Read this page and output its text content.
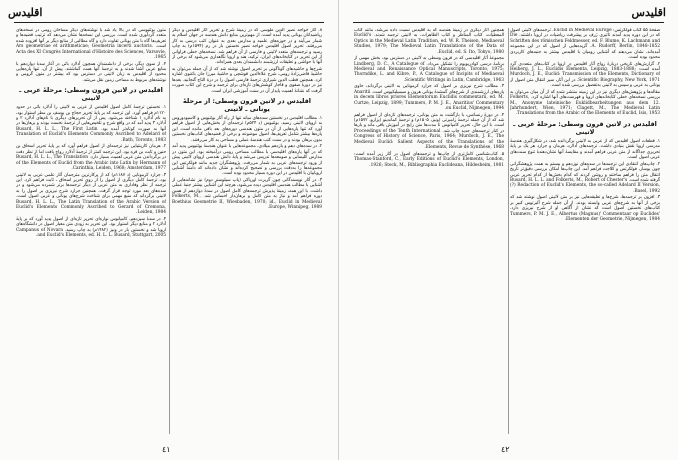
اقليدس

۸. آثار خواجه نصیر الدین طوسی که در زمینهٔ شرح و تحریر آثار اقلیدس و دیگر ریاضیدانان یونانی پدید آمده است، از مهم‌ترین منابع دانش هندسه در جهان اسلام به شمار می‌آیند و در حوزه‌های علمیه و مدارس بعدی به عنوان کتب درسی به کار می‌رفتند. تحریر اصول اقلیدس خواجه نصیر نخستین بار در رم (۱۵۹۴م) به چاپ رسید و ترجمه‌های متعدد لاتینی و فارسی از آن فراهم شد. نسخه‌های خطی فراوانی از این تحریر در کتابخانه‌های ایران، ترکیه، هند و اروپا نگاهداری می‌شود که برخی از آنها با حواشی و تعلیقات ارزشمند دانشمندان بعدی همراه‌اند.

شرح‌ها و حاشیه‌های گوناگونی بر تحریر اصول نوشته شد که از آن جمله می‌توان به حاشیهٔ قاضی‌زادهٔ رومی، شرح علاءالدین قوشچی و حاشیهٔ میرزا جان باغنوی اشاره کرد. همچنین قطب الدین شیرازی ترجمهٔ فارسی اصول را در درة التاج گنجانید. بعدها نیز در دورهٔ صفوی و قاجار کوشش‌های تازه‌ای برای ترجمه و شرح این کتاب صورت گرفت که نشانهٔ اهمیت پایدار آن در سنت آموزشی ایران است.

اقلیدس در لاتین قرون وسطی: از مرحلهٔ یونانی ـ لاتینی

۱. مطالب اقلیدس در نخستین سده‌های میانه تنها از راه آثار بوئتیوس و کاسیودوروس به اروپای لاتینی رسید. بوئتیوس (د ۵۲۴م) ترجمه‌ای از بخش‌هایی از اصول فراهم آورد که تنها پاره‌هایی از آن در متون هندسی دوره‌های بعد باقی مانده است. این پاره‌ها بیشتر شامل تعریف‌ها، اصول موضوعه و برخی از قضیه‌های کتاب‌های نخستین بدون برهان بودند و در سنت کتب هندسهٔ عملی و مساحی به کار می‌رفتند.

۲. در سده‌های دهم و یازدهم میلادی، مجموعه‌هایی با عنوان هندسهٔ بوئتیوس پدید آمد که در آنها پاره‌های اقلیدسی با مطالب مساحی رومی درآمیخته بود. این متون در مدارس کلیسایی و صومعه‌ها تدریس می‌شد و پایهٔ دانش هندسی اروپای لاتینی پیش از ورود ترجمه‌های عربی به شمار می‌رفت. پژوهشگران جدید مانند فولکرتس این مجموعه‌ها را به‌دقت بررسی و تصحیح کرده‌اند و نشان داده‌اند که دامنهٔ آشنایی اروپاییان با اقلیدس در این دوره بسیار محدود بوده است.

۳. در آثار نویسندگانی چون گربرت اوریاکی (پاپ سیلوستر دوم) نیز نشانه‌هایی از آشنایی با مطالب هندسی اقلیدس دیده می‌شود، هرچند این آشنایی بیشتر جنبهٔ عملی داشت. با این همه، زمینهٔ پذیرش ترجمه‌های کامل اصول در سدهٔ دوازدهم از همین دوره فراهم آمد و نیاز به متن کامل و برهان‌دار احساس شد. Folkerts, M., Boethius Geometrie II, Wiesbaden, 1970; id., Euclid in Medieval Europe, Winnipeg, 1989.

متون بوئتیوسی که در بالا یاد شد با نوشته‌های دیگر مساحان رومی در نسخه‌های متعدد گردآوری شده است. بررسی این نسخه‌ها نشان می‌دهد که ترتیب قضیه‌ها و تعریف‌ها گاه با متن یونانی تفاوت دارد و گاه مطالبی از منابع دیگر بر آنها افزوده شده است. Ars geometriae et arithmeticae; Geometria incerti auctoris. Acta des XI Congrès International d'Histoire des Sciences, Varsovie, 1965.

۴. از سوی دیگر، برخی از دانشمندان همچون آدلارد باثی در آغاز سدهٔ دوازدهم با منابع عربی آشنا شدند و به ترجمهٔ آنها همت گماشتند. پیش از آن، تنها پاره‌هایی محدود از اقلیدس به زبان لاتینی در دسترس بود که بیشتر در متون گرومی و نوشته‌های مربوط به مساحی زمین نقل می‌شد.

اقلیدس در لاتین قرون وسطی: مرحلهٔ عربی ـ لاتینی

۱. نخستین ترجمهٔ کامل اصول اقلیدس از عربی به لاتینی را آدلارد باثی در حدود ۱۱۲۰م فراهم آورد. این ترجمه که بر پایهٔ تحریر حجاج بن یوسف بن مطر استوار بود، به نام آدلارد ۱ شناخته می‌شود. پس از آن تحریرهای دیگری با نام‌های آدلارد ۲ و آدلارد ۳ پدید آمد که در واقع شرح و تلخیص‌هایی از ترجمهٔ نخست بودند و برهان‌ها در آنها به صورت کوتاه‌تر آمده بود. Busard, H. L. L., The First Latin Translation of Euclid's Elements Commonly Ascribed to Adelard of Bath, Toronto, 1983.

۲. هرمان کارینتیایی نیز ترجمه‌ای از اصول فراهم آورد که بر پایهٔ تحریر اسحاق بن حنین و ثابت بن قره بود. این ترجمه کمتر از ترجمهٔ آدلارد رواج یافت اما از نظر دقت در برگرداندن متن عربی اهمیت بسیار دارد. Busard, H. L. L., The Translation of the Elements of Euclid from the Arabic into Latin by Hermann of Carinthia, Leiden, 1968; Amsterdam, 1977.

۳. جرارد کرمونایی (د ۱۱۸۷م) که از پرکارترین مترجمان آثار علمی عربی به لاتینی بود، ترجمهٔ کامل دیگری از اصول را از روی تحریر اسحاق ـ ثابت فراهم کرد. این ترجمه از نظر وفاداری به متن عربی از دیگر ترجمه‌ها برتر شمرده می‌شود و در سده‌های بعد مورد توجه قرار گرفت. همچنین جرارد شرح نیریزی بر اصول را به لاتینی برگرداند که منبع مهمی برای شناخت شرح‌های یونانی و عربی اصول است. Busard, H. L. L., The Latin Translation of the Arabic Version of Euclid's Elements Commonly Ascribed to Gerard of Cremona, Leiden, 1984.

۴. در سدهٔ سیزدهم، کامپانوس نواره‌ای تحریر تازه‌ای از اصول پدید آورد که بر پایهٔ آدلارد ۲ و منابع دیگر استوار بود. این تحریر به زودی متن معیار اصول در دانشگاه‌های اروپا شد و نخستین بار در ونیز (۱۴۸۲م) به چاپ رسید. Campanus of Novara and Euclid's Elements, ed. H. L. L. Busard, Stuttgart, 2005.

٤١
اقليدس

صفحهٔ ۵۵ کتاب فولکرتس: Euclid in Medieval Europe. ترجمه‌های لاتینی اصول که در این دوره پدید آمدند تأثیری ژرف بر پیشرفت ریاضیات در اروپا داشتند. Die Schriften des römischen Feldmesser, ed. F. Blume, K. Lachmann and A. Rudorff, Berlin, 1848-1852. گزیده‌هایی از اصول که در این مجموعه آمده‌اند، نشان می‌دهند که آشنایی رومیان با اقلیدس بیشتر به جنبه‌های کاربردی محدود بوده است.

۲. گزارش‌های تاریخی دربارهٔ رواج آثار اقلیدس در اروپا در کتاب‌های متعددی گرد آمده است: Heiberg, J. L., Euclidis Elementa, Leipzig, 1883-1888; Murdoch, J. E., Euclid: Transmission of the Elements, Dictionary of Scientific Biography, New York, 1971. در این آثار، سیر انتقال متن اصول از یونانی به عربی و سپس به لاتینی به‌تفصیل بررسی شده است.

مقاله‌ها و پژوهش‌های دیگری نیز در این زمینه منتشر شده که از آن میان می‌توان به بررسی نسخه‌های خطی کتابخانه‌های اروپا و فهرست‌های آنها اشاره کرد. Folkerts, M., Anonyme lateinische Euklidbearbeitungen aus dem 12. Jahrhundert, Wien, 1971; Clagett, M., The Medieval Latin Translations from the Arabic of the Elements of Euclid, Isis, 1953.

اقلیدس در لاتین قرون وسطی: مرحلهٔ عربی ـ لاتینی

۱. قطعات اصول اقلیدس که از عربی به لاتینی برگردانده شد، در شکل‌گیری هندسهٔ مدرسی اروپا نقش بنیادی داشت. ترجمه‌های آدلارد، هرمان و جرارد هر یک بر پایهٔ تحریری جداگانه از متن عربی فراهم آمدند و مقایسهٔ آنها نشان‌دهندهٔ تنوع سنت‌های عربی اصول است.

۲. چاپ‌های انتقادی این ترجمه‌ها در سده‌های نوزدهم و بیستم به همت پژوهشگرانی چون بوسار، فولکرتس و کلاجت فراهم آمد. این چاپ‌ها امکان بررسی دقیق‌تر تاریخ انتقال متن را فراهم ساختند و روشن کردند که کدام بخش‌ها از کدام تحریر عربی گرفته شده است. Busard, H. L. L. and Folkerts, M., Robert of Chester's (?) Redaction of Euclid's Elements, the so-called Adelard II Version, Basel, 1992.

۳. افزون بر ترجمه‌ها، شرح‌ها و تعلیقه‌هایی نیز بر متن لاتینی اصول نوشته شد که برخی از آنها به شرح‌های عربی وابسته بودند. از آن جمله شرح آلبرتوس کبیر بر کتاب‌های نخستین اصول است که نشان از آگاهی او از شرح نیریزی دارد. Tummers, P. M. J. E., Albertus (Magnus)' Commentaar op Euclides' Elementen der Geometrie, Nijmegen, 1984.

همچنین آثار دیگری در زمینهٔ هندسه که به اقلیدس نسبت داده می‌شد، مانند کتاب المعطیات، کتاب المناظر و کتاب الظاهرات، به لاتینی ترجمه شدند. Euclid's Optics in the Medieval Latin Tradition, ed. W. R. Theisen, Mediaeval Studies, 1979; The Medieval Latin Translations of the Data of Euclid, ed. S. Ito, Tokyo, 1980.

مجموعهٔ آثار اقلیدسی که در قرون وسطی به لاتینی در دسترس بود، بخش مهمی از برنامهٔ درسی کوادریویوم را تشکیل می‌داد. Lindberg, D. C., A Catalogue of Medieval and Renaissance Optical Manuscripts, Toronto, 1975; Thorndike, L. and Kibre, P., A Catalogue of Incipits of Mediaeval Scientific Writings in Latin, Cambridge, 1963.

۳. مطالب شرح نیریزی بر اصول که جرارد کرمونایی به لاتینی برگرداند، حاوی پاره‌های ارزشمندی از شرح‌های گمشدهٔ یونانی هرون و سیمپلیکیوس است. Anaritii in decem libros priores Elementorum Euclidis commentarii, ed. M. Curtze, Leipzig, 1899; Tummers, P. M. J. E., Anaritius' Commentary on Euclid, Nijmegen, 1994.

۴. در دورهٔ رنسانس، با بازگشت به متن یونانی، ترجمه‌های تازه‌ای از اصول فراهم شد که از آن جمله ترجمهٔ زامبرتی (ونیز، ۱۵۰۵م) و ترجمهٔ کماندینو (پزارو، ۱۵۷۲م) است. با این حال، تحریر کامپانوس تا مدت‌ها متن رایج در آموزش باقی ماند و بارها در کنار ترجمه‌های جدید چاپ شد. Proceedings of the Tenth International Congress of History of Science, Paris, 1964; Murdoch, J. E., The Medieval Euclid: Salient Aspects of the Translations of the Elements, Revue de Synthèse, 1968.

۵. کتاب‌شناسی کامل‌تری از چاپ‌ها و ترجمه‌های اصول در آثار زیر آمده است: Thomas-Stanford, C., Early Editions of Euclid's Elements, London, 1926; Steck, M., Bibliographia Euclideana, Hildesheim, 1981.

٤٢
